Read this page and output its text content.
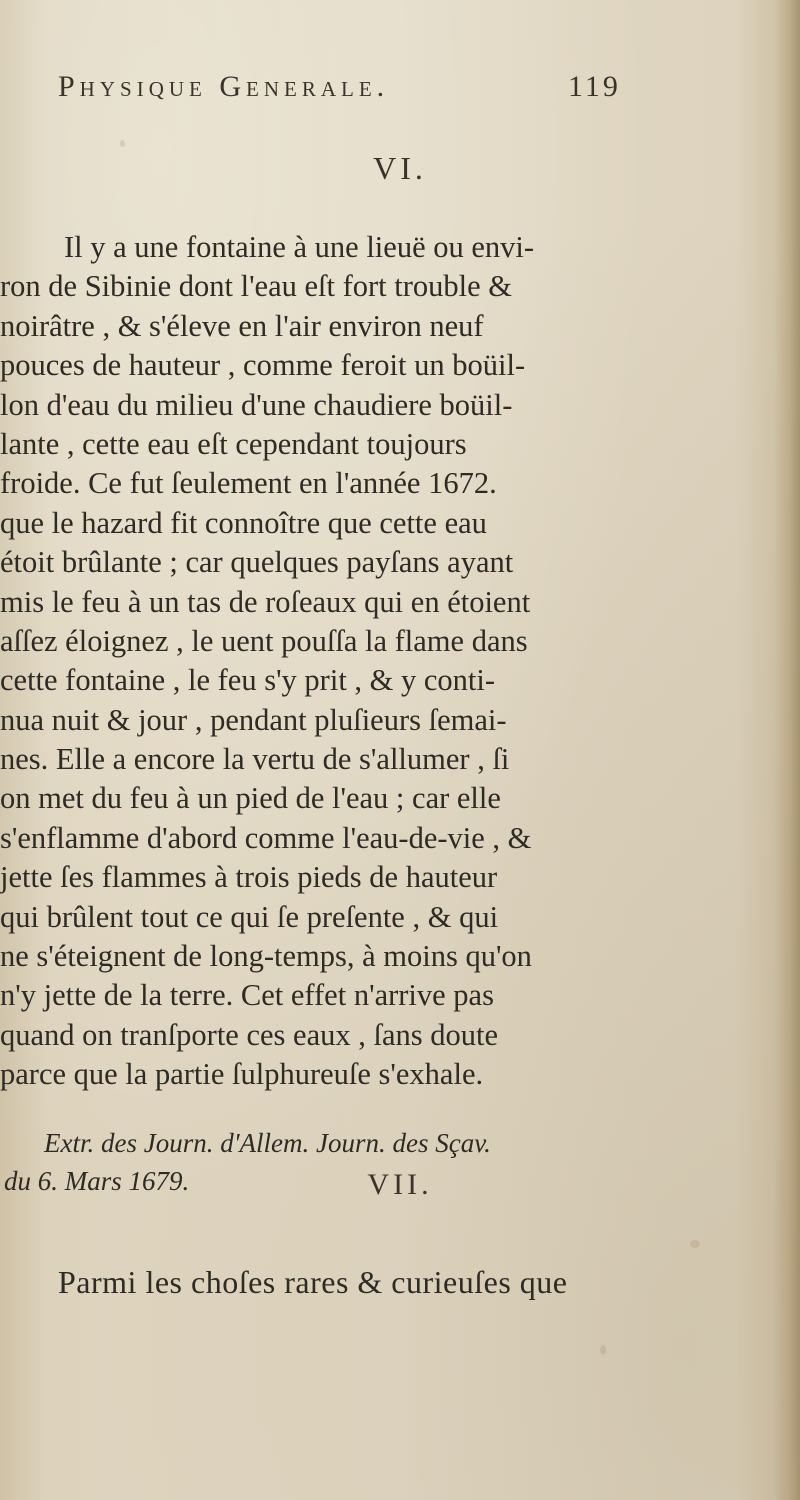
Physique Generale.	119
VI.
Il y a une fontaine à une lieuë ou envi-
ron de Sibinie dont l'eau eſt fort trouble &
noirâtre , & s'éleve en l'air environ neuf
pouces de hauteur , comme feroit un boüil-
lon d'eau du milieu d'une chaudiere boüil-
lante , cette eau eſt cependant toujours
froide. Ce fut ſeulement en l'année 1672.
que le hazard fit connoître que cette eau
étoit brûlante ; car quelques payſans ayant
mis le feu à un tas de roſeaux qui en étoient
aſſez éloignez , le uent pouſſa la flame dans
cette fontaine , le feu s'y prit , & y conti-
nua nuit & jour , pendant pluſieurs ſemai-
nes. Elle a encore la vertu de s'allumer , ſi
on met du feu à un pied de l'eau ; car elle
s'enflamme d'abord comme l'eau-de-vie , &
jette ſes flammes à trois pieds de hauteur
qui brûlent tout ce qui ſe preſente , & qui
ne s'éteignent de long-temps, à moins qu'on
n'y jette de la terre. Cet effet n'arrive pas
quand on tranſporte ces eaux , ſans doute
parce que la partie ſulphureuſe s'exhale.
Extr. des Journ. d'Allem. Journ. des Sçav.
du 6. Mars 1679.	VII.
Parmi les choſes rares & curieuſes que
